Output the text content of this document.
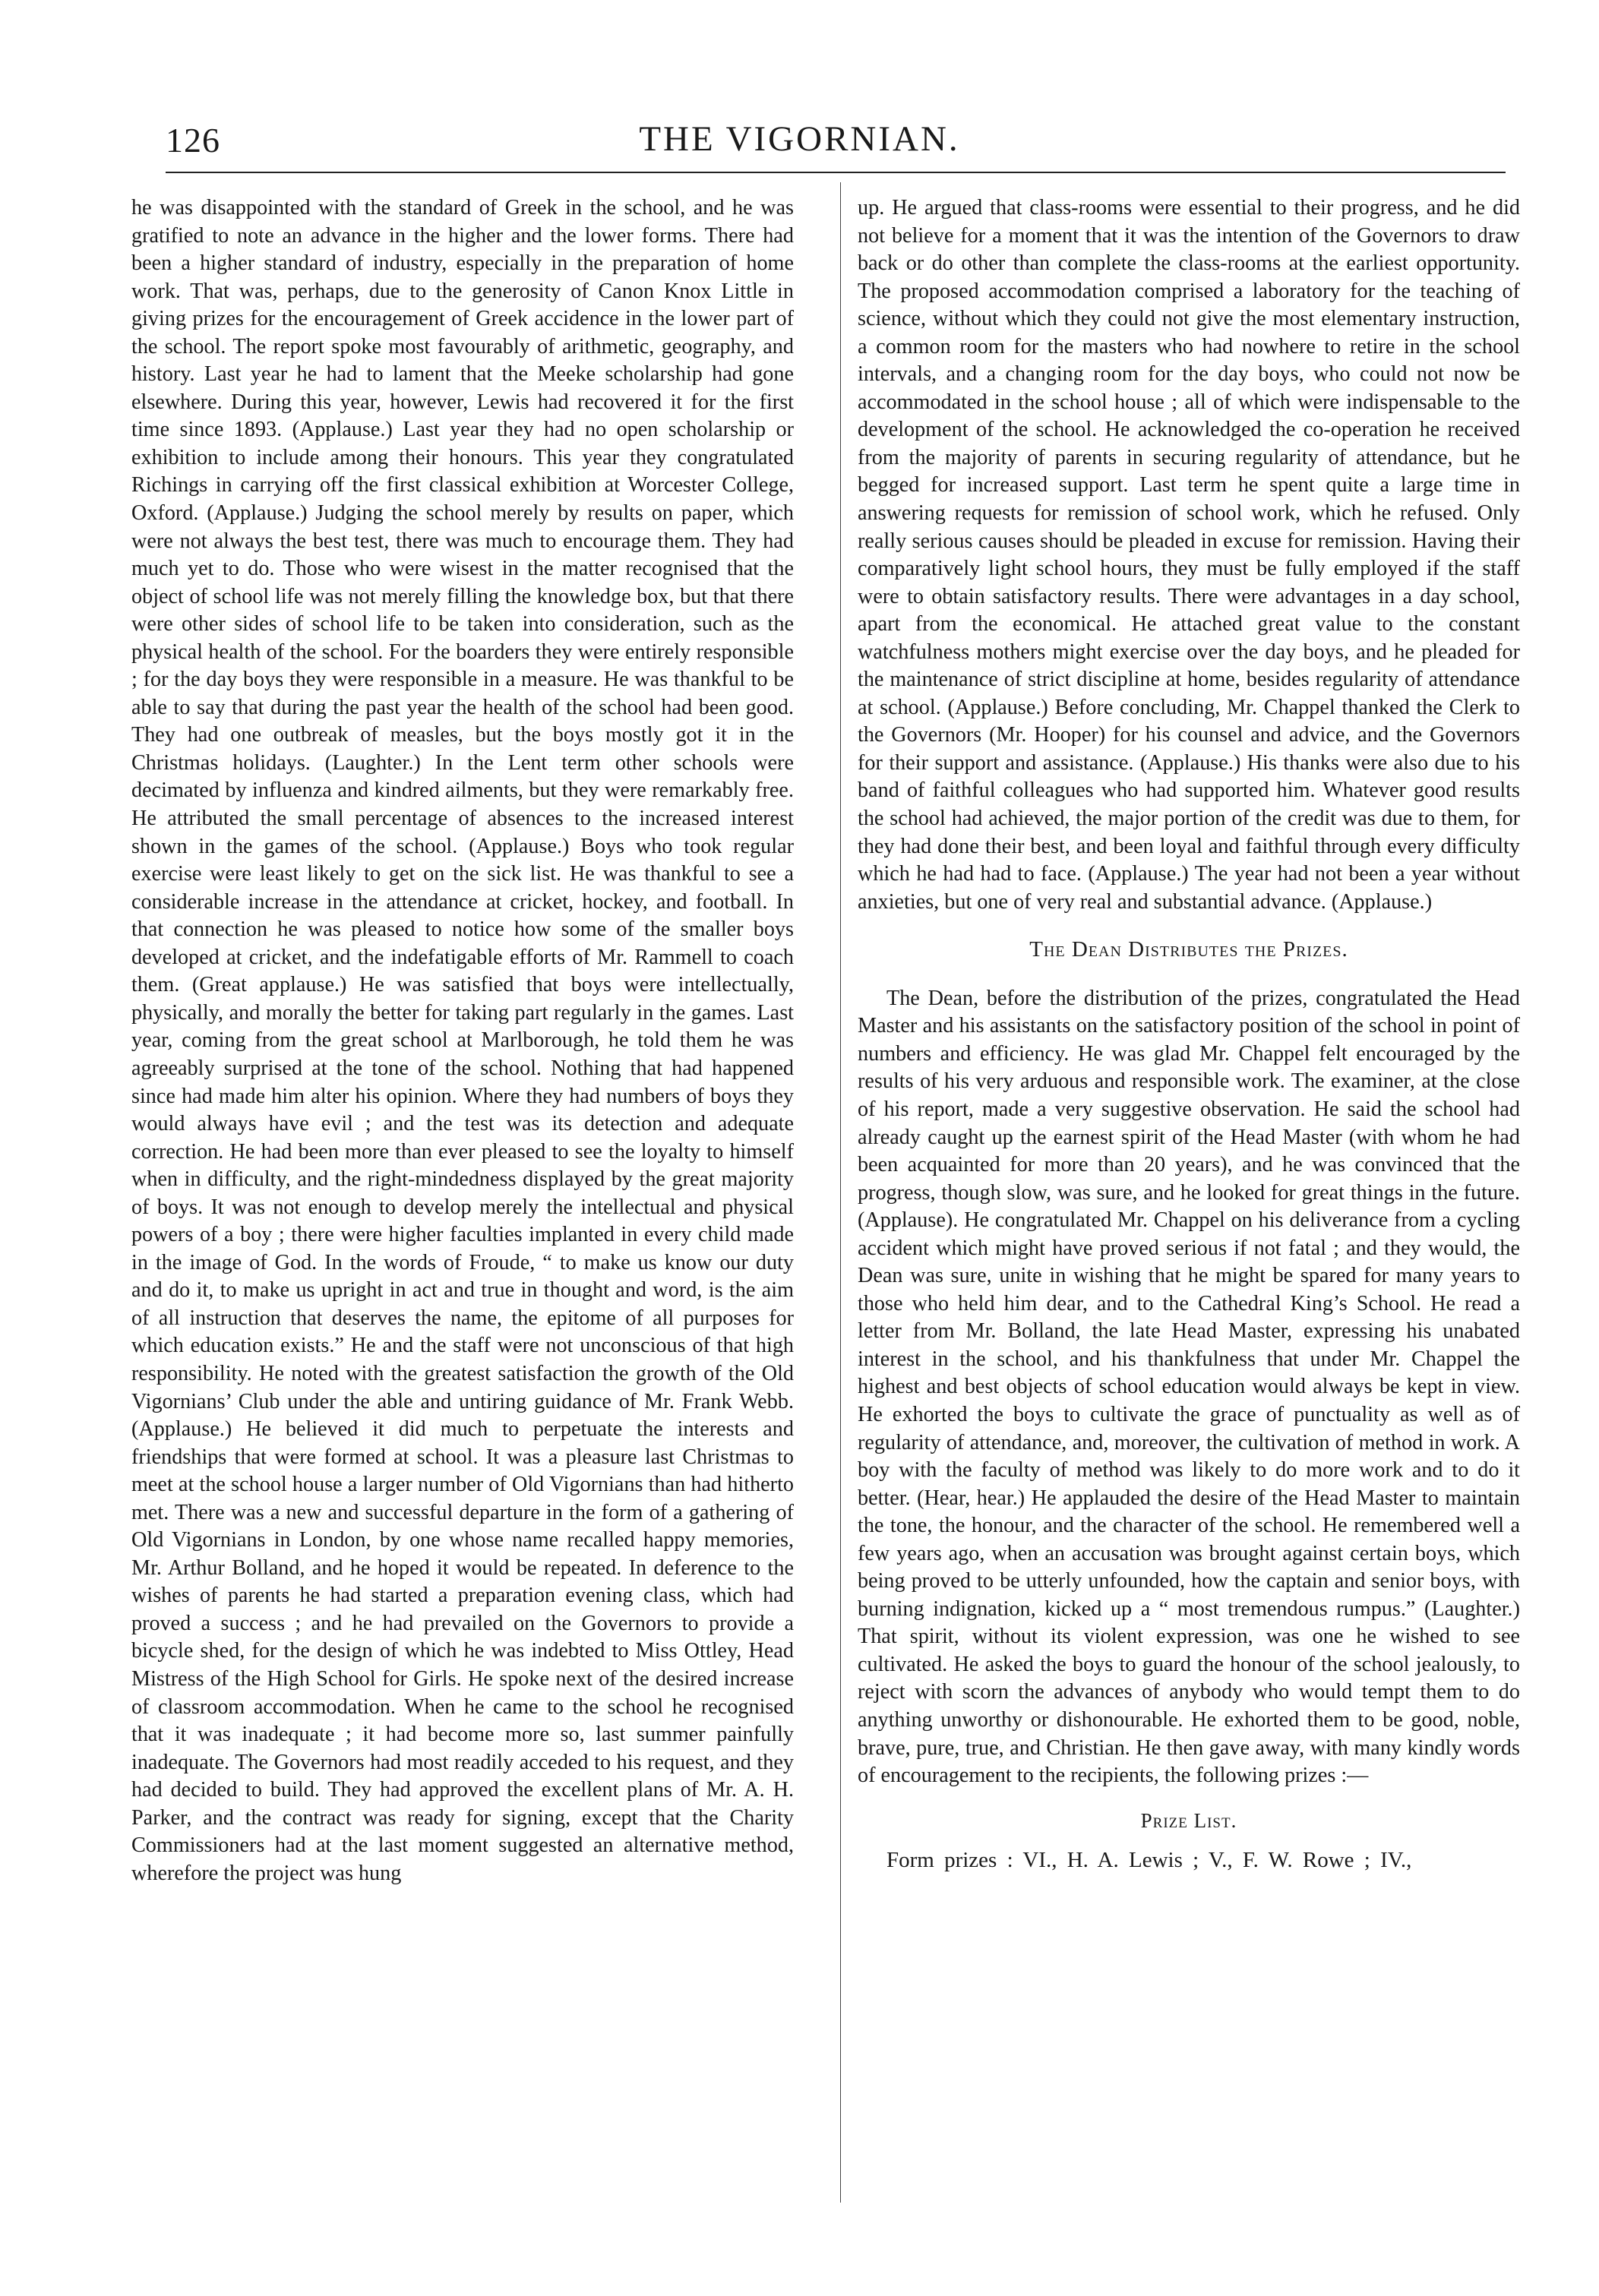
126	THE VIGORNIAN.

he was disappointed with the standard of Greek in the school, and he was gratified to note an advance in the higher and the lower forms. There had been a higher standard of industry, especially in the preparation of home work. That was, perhaps, due to the generosity of Canon Knox Little in giving prizes for the encouragement of Greek accidence in the lower part of the school. The report spoke most favourably of arithmetic, geography, and history. Last year he had to lament that the Meeke scholarship had gone elsewhere. During this year, however, Lewis had recovered it for the first time since 1893. (Applause.) Last year they had no open scholarship or exhibition to include among their honours. This year they congratulated Richings in carrying off the first classical exhibition at Worcester College, Oxford. (Applause.) Judging the school merely by results on paper, which were not always the best test, there was much to encourage them. They had much yet to do. Those who were wisest in the matter recognised that the object of school life was not merely filling the knowledge box, but that there were other sides of school life to be taken into consideration, such as the physical health of the school. For the boarders they were entirely responsible ; for the day boys they were responsible in a measure. He was thankful to be able to say that during the past year the health of the school had been good. They had one outbreak of measles, but the boys mostly got it in the Christmas holidays. (Laughter.) In the Lent term other schools were decimated by influenza and kindred ailments, but they were remarkably free. He attributed the small percentage of absences to the increased interest shown in the games of the school. (Applause.) Boys who took regular exercise were least likely to get on the sick list. He was thankful to see a considerable increase in the attendance at cricket, hockey, and football. In that connection he was pleased to notice how some of the smaller boys developed at cricket, and the indefatigable efforts of Mr. Rammell to coach them. (Great applause.) He was satisfied that boys were intellectually, physically, and morally the better for taking part regularly in the games. Last year, coming from the great school at Marlborough, he told them he was agreeably surprised at the tone of the school. Nothing that had happened since had made him alter his opinion. Where they had numbers of boys they would always have evil ; and the test was its detection and adequate correction. He had been more than ever pleased to see the loyalty to himself when in difficulty, and the right-mindedness displayed by the great majority of boys. It was not enough to develop merely the intellectual and physical powers of a boy ; there were higher faculties implanted in every child made in the image of God. In the words of Froude, “ to make us know our duty and do it, to make us upright in act and true in thought and word, is the aim of all instruction that deserves the name, the epitome of all purposes for which education exists.” He and the staff were not unconscious of that high responsibility. He noted with the greatest satisfaction the growth of the Old Vigornians’ Club under the able and untiring guidance of Mr. Frank Webb. (Applause.) He believed it did much to perpetuate the interests and friendships that were formed at school. It was a pleasure last Christmas to meet at the school house a larger number of Old Vigornians than had hitherto met. There was a new and successful departure in the form of a gathering of Old Vigornians in London, by one whose name recalled happy memories, Mr. Arthur Bolland, and he hoped it would be repeated. In deference to the wishes of parents he had started a preparation evening class, which had proved a success ; and he had prevailed on the Governors to provide a bicycle shed, for the design of which he was indebted to Miss Ottley, Head Mistress of the High School for Girls. He spoke next of the desired increase of classroom accommodation. When he came to the school he recognised that it was inadequate ; it had become more so, last summer painfully inadequate. The Governors had most readily acceded to his request, and they had decided to build. They had approved the excellent plans of Mr. A. H. Parker, and the contract was ready for signing, except that the Charity Commissioners had at the last moment suggested an alternative method, wherefore the project was hung

up. He argued that class-rooms were essential to their progress, and he did not believe for a moment that it was the intention of the Governors to draw back or do other than complete the class-rooms at the earliest opportunity. The proposed accommodation comprised a laboratory for the teaching of science, without which they could not give the most elementary instruction, a common room for the masters who had nowhere to retire in the school intervals, and a changing room for the day boys, who could not now be accommodated in the school house ; all of which were indispensable to the development of the school. He acknowledged the co-operation he received from the majority of parents in securing regularity of attendance, but he begged for increased support. Last term he spent quite a large time in answering requests for remission of school work, which he refused. Only really serious causes should be pleaded in excuse for remission. Having their comparatively light school hours, they must be fully employed if the staff were to obtain satisfactory results. There were advantages in a day school, apart from the economical. He attached great value to the constant watchfulness mothers might exercise over the day boys, and he pleaded for the maintenance of strict discipline at home, besides regularity of attendance at school. (Applause.) Before concluding, Mr. Chappel thanked the Clerk to the Governors (Mr. Hooper) for his counsel and advice, and the Governors for their support and assistance. (Applause.) His thanks were also due to his band of faithful colleagues who had supported him. Whatever good results the school had achieved, the major portion of the credit was due to them, for they had done their best, and been loyal and faithful through every difficulty which he had had to face. (Applause.) The year had not been a year without anxieties, but one of very real and substantial advance. (Applause.)

The Dean Distributes the Prizes.

The Dean, before the distribution of the prizes, congratulated the Head Master and his assistants on the satisfactory position of the school in point of numbers and efficiency. He was glad Mr. Chappel felt encouraged by the results of his very arduous and responsible work. The examiner, at the close of his report, made a very suggestive observation. He said the school had already caught up the earnest spirit of the Head Master (with whom he had been acquainted for more than 20 years), and he was convinced that the progress, though slow, was sure, and he looked for great things in the future. (Applause). He congratulated Mr. Chappel on his deliverance from a cycling accident which might have proved serious if not fatal ; and they would, the Dean was sure, unite in wishing that he might be spared for many years to those who held him dear, and to the Cathedral King’s School. He read a letter from Mr. Bolland, the late Head Master, expressing his unabated interest in the school, and his thankfulness that under Mr. Chappel the highest and best objects of school education would always be kept in view. He exhorted the boys to cultivate the grace of punctuality as well as of regularity of attendance, and, moreover, the cultivation of method in work. A boy with the faculty of method was likely to do more work and to do it better. (Hear, hear.) He applauded the desire of the Head Master to maintain the tone, the honour, and the character of the school. He remembered well a few years ago, when an accusation was brought against certain boys, which being proved to be utterly unfounded, how the captain and senior boys, with burning indignation, kicked up a “ most tremendous rumpus.” (Laughter.) That spirit, without its violent expression, was one he wished to see cultivated. He asked the boys to guard the honour of the school jealously, to reject with scorn the advances of anybody who would tempt them to do anything unworthy or dishonourable. He exhorted them to be good, noble, brave, pure, true, and Christian. He then gave away, with many kindly words of encouragement to the recipients, the following prizes :—

Prize List.

Form prizes : VI., H. A. Lewis ; V., F. W. Rowe ; IV.,
